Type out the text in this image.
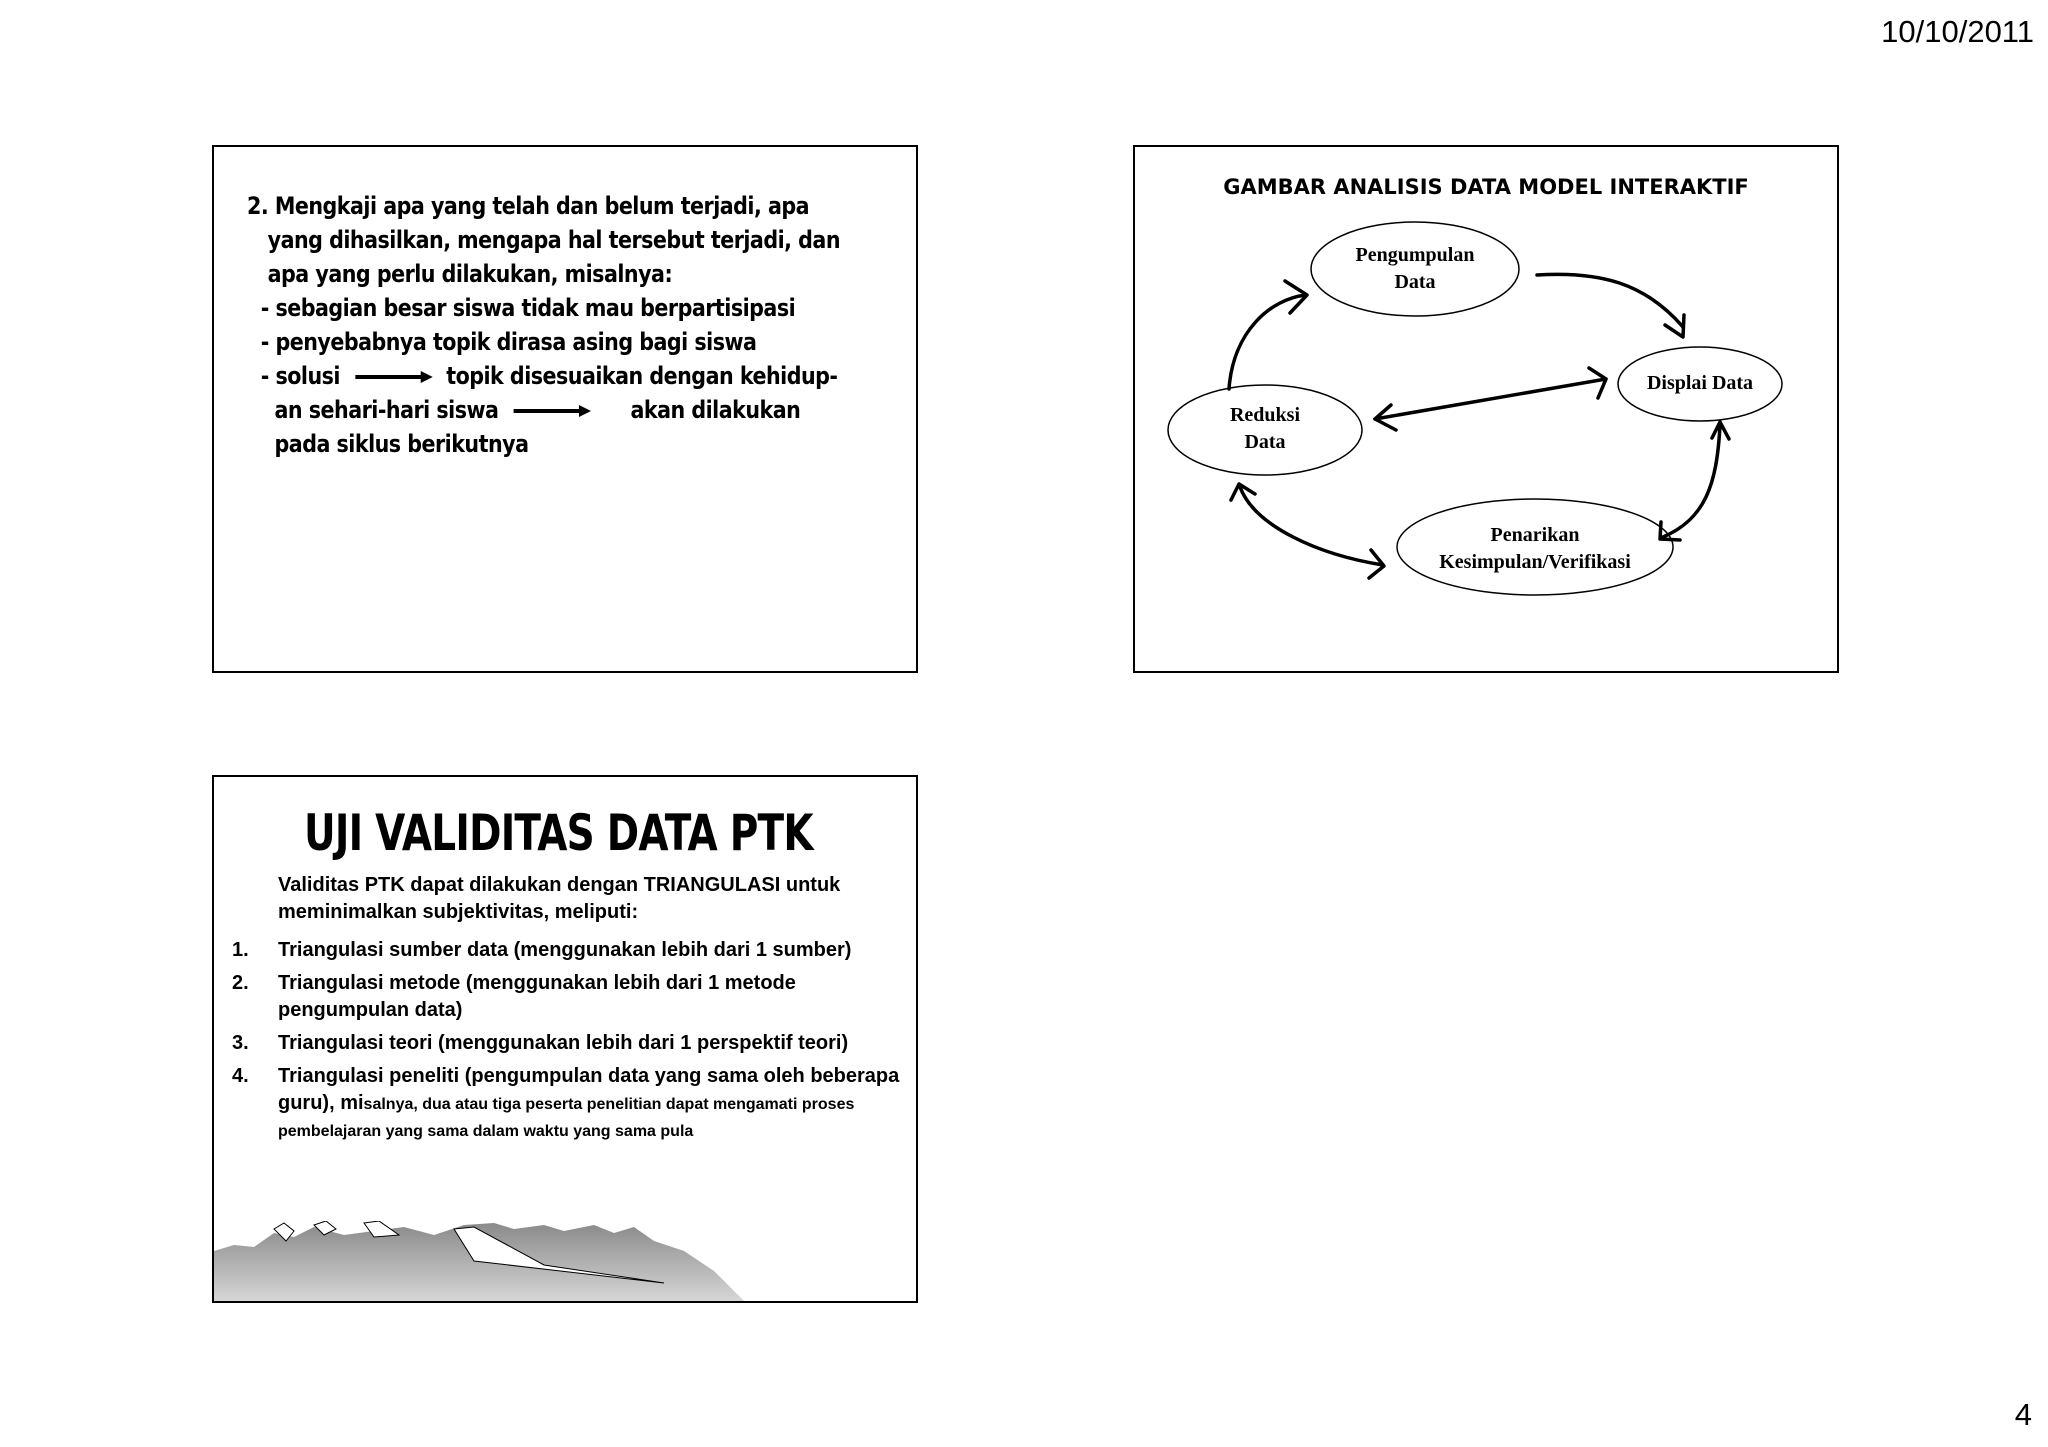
10/10/2011
2. Mengkaji apa yang telah dan belum terjadi, apa
yang dihasilkan, mengapa hal tersebut terjadi, dan
apa yang perlu dilakukan, misalnya:
- sebagian besar siswa tidak mau berpartisipasi
- penyebabnya topik dirasa asing bagi siswa
- solusi	topik disesuaikan dengan kehidup-
an sehari-hari siswa	akan dilakukan
pada siklus berikutnya
GAMBAR ANALISIS DATA MODEL INTERAKTIF
Pengumpulan
Data
Displai Data
Reduksi
Data
Penarikan
Kesimpulan/Verifikasi
UJI VALIDITAS DATA PTK
Validitas PTK dapat dilakukan dengan TRIANGULASI untuk meminimalkan subjektivitas, meliputi:
1. Triangulasi sumber data (menggunakan lebih dari 1 sumber)
2. Triangulasi metode (menggunakan lebih dari 1 metode pengumpulan data)
3. Triangulasi teori (menggunakan lebih dari 1 perspektif teori)
4. Triangulasi peneliti (pengumpulan data yang sama oleh beberapa guru), misalnya, dua atau tiga peserta penelitian dapat mengamati proses pembelajaran yang sama dalam waktu yang sama pula
4
